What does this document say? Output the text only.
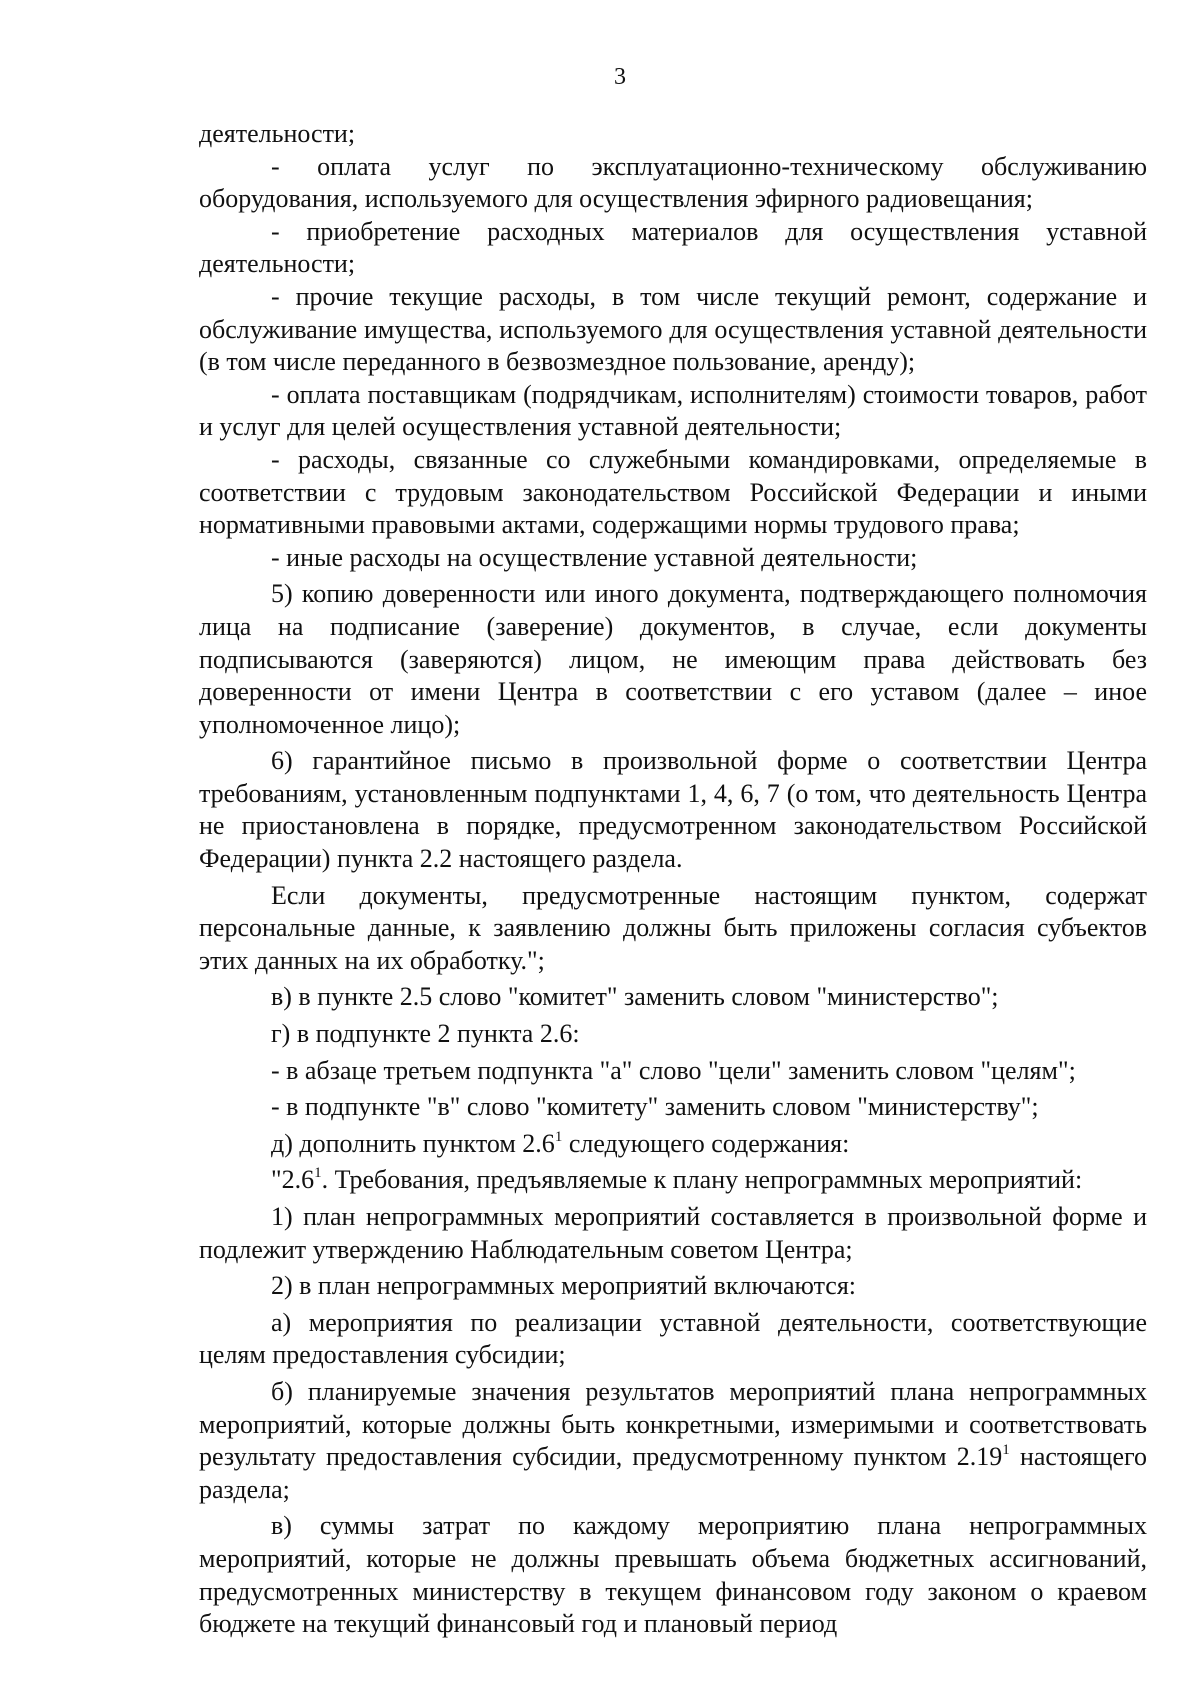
3

деятельности;

- оплата услуг по эксплуатационно-техническому обслуживанию оборудования, используемого для осуществления эфирного радиовещания;

- приобретение расходных материалов для осуществления уставной деятельности;

- прочие текущие расходы, в том числе текущий ремонт, содержание и обслуживание имущества, используемого для осуществления уставной деятельности (в том числе переданного в безвозмездное пользование, аренду);

- оплата поставщикам (подрядчикам, исполнителям) стоимости товаров, работ и услуг для целей осуществления уставной деятельности;

- расходы, связанные со служебными командировками, определяемые в соответствии с трудовым законодательством Российской Федерации и иными нормативными правовыми актами, содержащими нормы трудового права;

- иные расходы на осуществление уставной деятельности;

5) копию доверенности или иного документа, подтверждающего полномочия лица на подписание (заверение) документов, в случае, если документы подписываются (заверяются) лицом, не имеющим права действовать без доверенности от имени Центра в соответствии с его уставом (далее – иное уполномоченное лицо);

6) гарантийное письмо в произвольной форме о соответствии Центра требованиям, установленным подпунктами 1, 4, 6, 7 (о том, что деятельность Центра не приостановлена в порядке, предусмотренном законодательством Российской Федерации) пункта 2.2 настоящего раздела.

Если документы, предусмотренные настоящим пунктом, содержат персональные данные, к заявлению должны быть приложены согласия субъектов этих данных на их обработку.";

в) в пункте 2.5 слово "комитет" заменить словом "министерство";

г) в подпункте 2 пункта 2.6:

- в абзаце третьем подпункта "а" слово "цели" заменить словом "целям";

- в подпункте "в" слово "комитету" заменить словом "министерству";

д) дополнить пунктом $2.6^1$ следующего содержания:

"$2.6^1$. Требования, предъявляемые к плану непрограммных мероприятий:

1) план непрограммных мероприятий составляется в произвольной форме и подлежит утверждению Наблюдательным советом Центра;

2) в план непрограммных мероприятий включаются:

а) мероприятия по реализации уставной деятельности, соответствующие целям предоставления субсидии;

б) планируемые значения результатов мероприятий плана непрограммных мероприятий, которые должны быть конкретными, измеримыми и соответствовать результату предоставления субсидии, предусмотренному пунктом 2.19$^1$ настоящего раздела;

в) суммы затрат по каждому мероприятию плана непрограммных мероприятий, которые не должны превышать объема бюджетных ассигнований, предусмотренных министерству в текущем финансовом году законом о краевом бюджете на текущий финансовый год и плановый период
